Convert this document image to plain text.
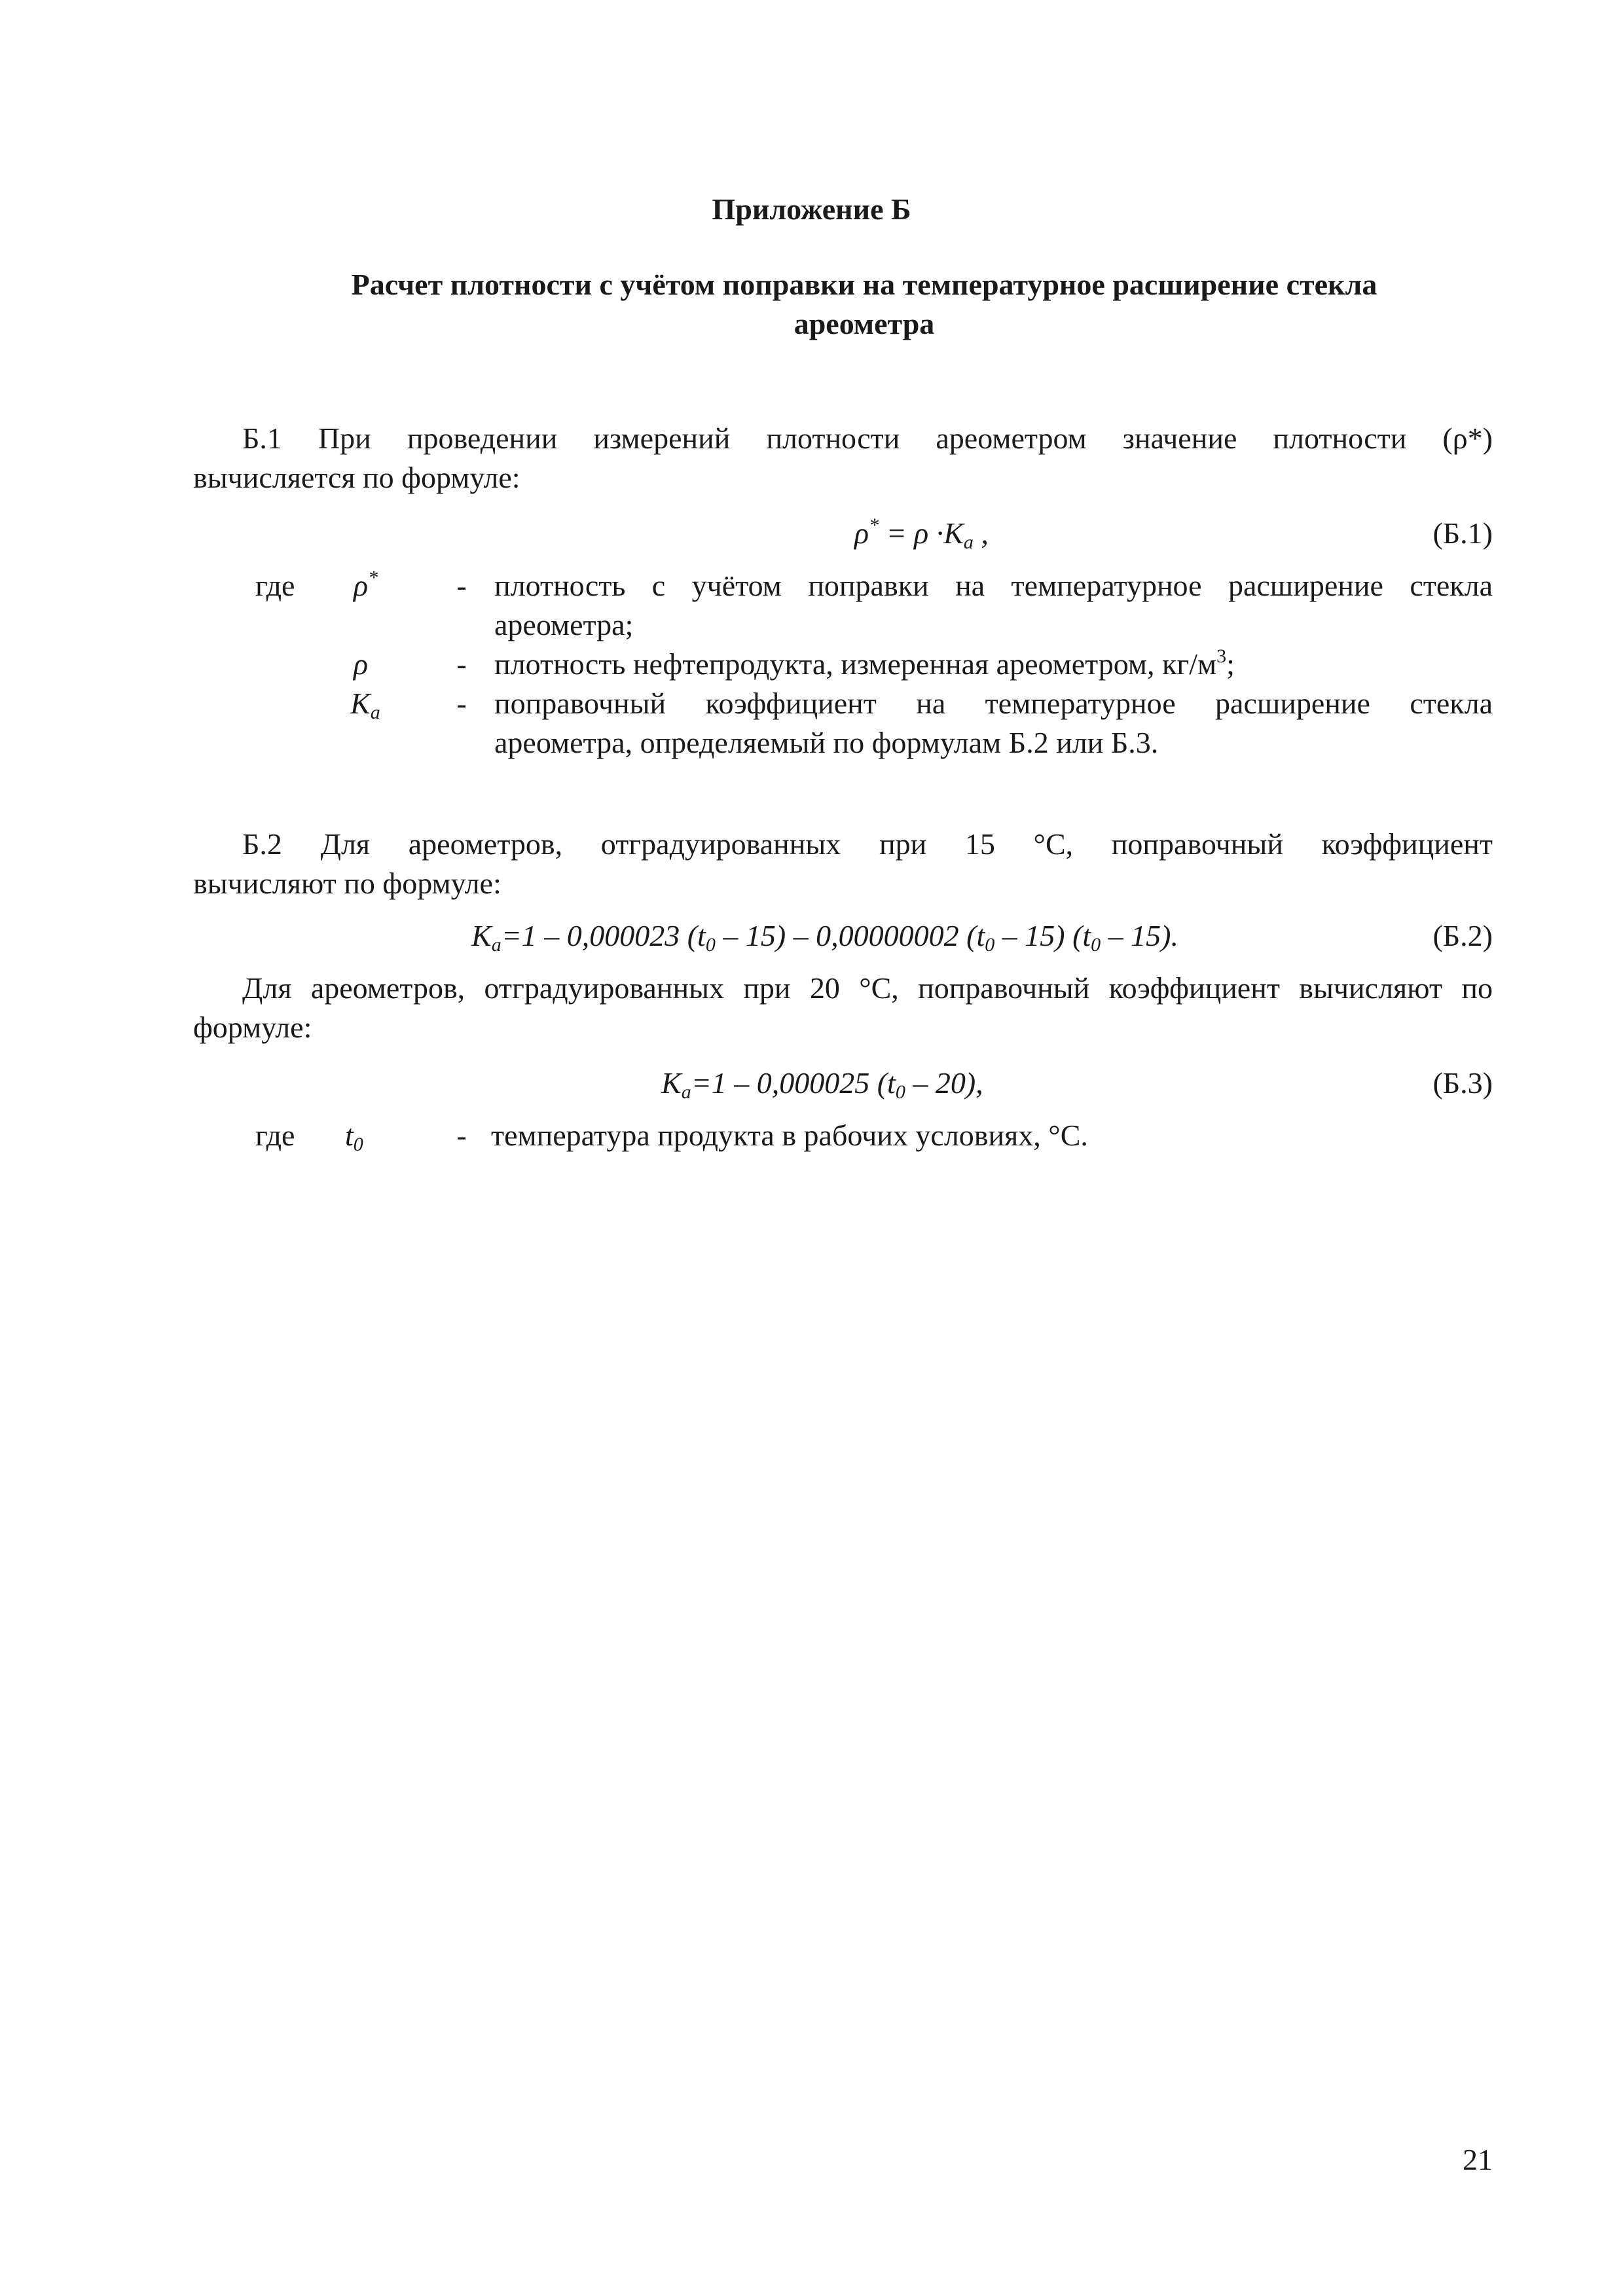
Приложение Б
Расчет плотности с учётом поправки на температурное расширение стекла
ареометра
Б.1 При проведении измерений плотности ареометром значение плотности (ρ*)
вычисляется по формуле:
$\rho^* = \rho \cdot K_a$ ,	(Б.1)
где ρ*	- плотность с учётом поправки на температурное расширение стекла
ареометра;
ρ	- плотность нефтепродукта, измеренная ареометром, $кг/м^3$;
$K_a$	- поправочный коэффициент на температурное расширение стекла
ареометра, определяемый по формулам Б.2 или Б.3.
Б.2 Для ареометров, отградуированных при 15 °С, поправочный коэффициент
вычисляют по формуле:
$K_a=1 - 0,000023$ $(t_0 - 15) - 0,00000002$ $(t_0 - 15)$ $(t_0 - 15)$.	(Б.2)
Для ареометров, отградуированных при 20 °С, поправочный коэффициент вычисляют по
формуле:
$K_a=1 - 0,000025$ $(t_0 - 20)$,	(Б.3)
где $t_0$	- температура продукта в рабочих условиях, °С.
21
